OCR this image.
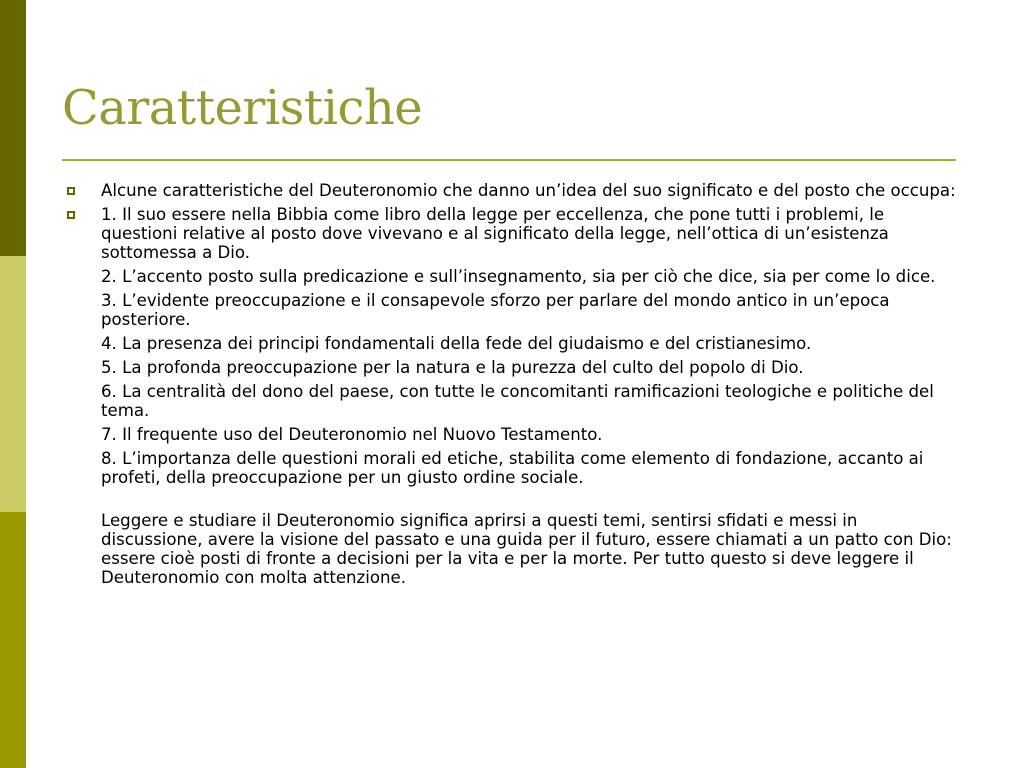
Caratteristiche
Alcune caratteristiche del Deuteronomio che danno un’idea del suo significato e del posto che occupa:
1. Il suo essere nella Bibbia come libro della legge per eccellenza, che pone tutti i problemi, le questioni relative al posto dove vivevano e al significato della legge, nell’ottica di un’esistenza sottomessa a Dio.
2. L’accento posto sulla predicazione e sull’insegnamento, sia per ciò che dice, sia per come lo dice.
3. L’evidente preoccupazione e il consapevole sforzo per parlare del mondo antico in un’epoca posteriore.
4. La presenza dei principi fondamentali della fede del giudaismo e del cristianesimo.
5. La profonda preoccupazione per la natura e la purezza del culto del popolo di Dio.
6. La centralità del dono del paese, con tutte le concomitanti ramificazioni teologiche e politiche del tema.
7. Il frequente uso del Deuteronomio nel Nuovo Testamento.
8. L’importanza delle questioni morali ed etiche, stabilita come elemento di fondazione, accanto ai profeti, della preoccupazione per un giusto ordine sociale.
Leggere e studiare il Deuteronomio significa aprirsi a questi temi, sentirsi sfidati e messi in discussione, avere la visione del passato e una guida per il futuro, essere chiamati a un patto con Dio: essere cioè posti di fronte a decisioni per la vita e per la morte. Per tutto questo si deve leggere il Deuteronomio con molta attenzione.
